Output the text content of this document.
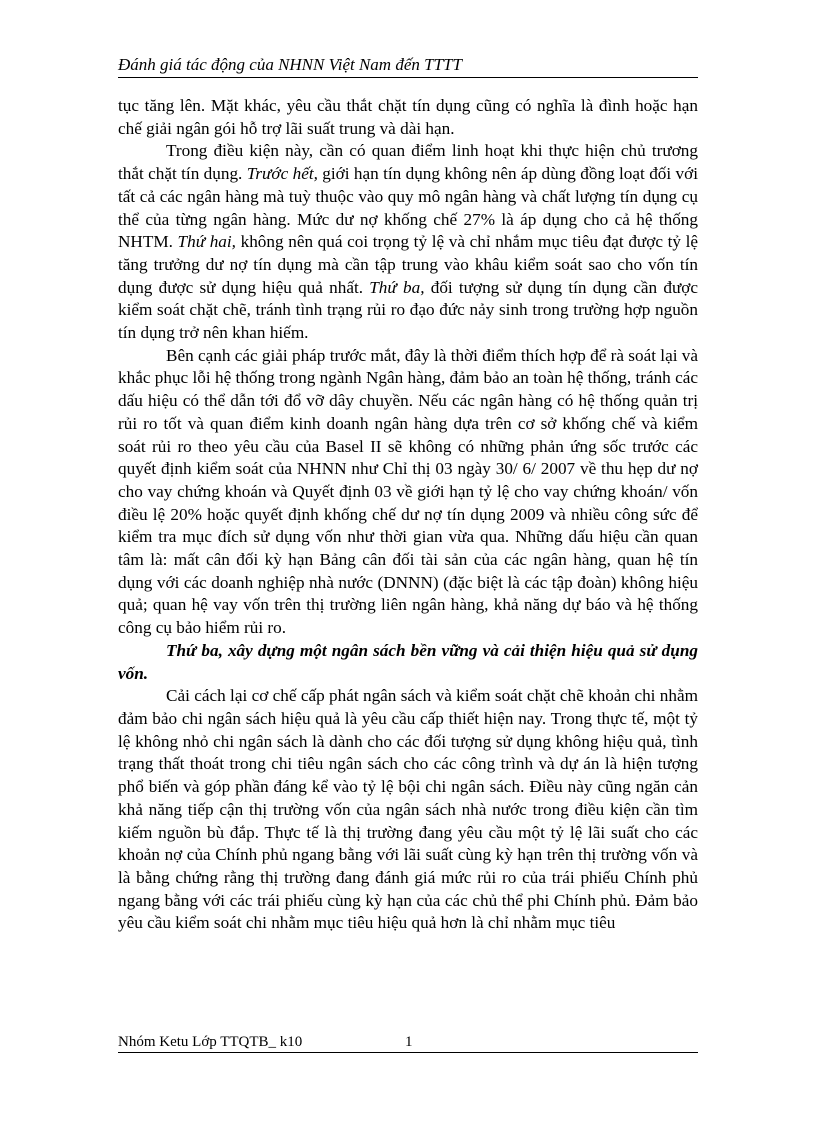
Đánh giá tác động của NHNN Việt Nam đến TTTT

tục tăng lên. Mặt khác, yêu cầu thắt chặt tín dụng cũng có nghĩa là đình hoặc hạn chế giải ngân gói hỗ trợ lãi suất trung và dài hạn.

Trong điều kiện này, cần có quan điểm linh hoạt khi thực hiện chủ trương thắt chặt tín dụng. Trước hết, giới hạn tín dụng không nên áp dùng đồng loạt đối với tất cả các ngân hàng mà tuỳ thuộc vào quy mô ngân hàng và chất lượng tín dụng cụ thể của từng ngân hàng. Mức dư nợ khống chế 27% là áp dụng cho cả hệ thống NHTM. Thứ hai, không nên quá coi trọng tỷ lệ và chỉ nhắm mục tiêu đạt được tỷ lệ tăng trưởng dư nợ tín dụng mà cần tập trung vào khâu kiểm soát sao cho vốn tín dụng được sử dụng hiệu quả nhất. Thứ ba, đối tượng sử dụng tín dụng cần được kiểm soát chặt chẽ, tránh tình trạng rủi ro đạo đức nảy sinh trong trường hợp nguồn tín dụng trở nên khan hiếm.

Bên cạnh các giải pháp trước mắt, đây là thời điểm thích hợp để rà soát lại và khắc phục lỗi hệ thống trong ngành Ngân hàng, đảm bảo an toàn hệ thống, tránh các dấu hiệu có thể dẫn tới đổ vỡ dây chuyền. Nếu các ngân hàng có hệ thống quản trị rủi ro tốt và quan điểm kinh doanh ngân hàng dựa trên cơ sở khống chế và kiểm soát rủi ro theo yêu cầu của Basel II sẽ không có những phản ứng sốc trước các quyết định kiểm soát của NHNN như Chỉ thị 03 ngày 30/ 6/ 2007 về thu hẹp dư nợ cho vay chứng khoán và Quyết định 03 về giới hạn tỷ lệ cho vay chứng khoán/ vốn điều lệ 20% hoặc quyết định khống chế dư nợ tín dụng 2009 và nhiều công sức để kiểm tra mục đích sử dụng vốn như thời gian vừa qua. Những dấu hiệu cần quan tâm là: mất cân đối kỳ hạn Bảng cân đối tài sản của các ngân hàng, quan hệ tín dụng với các doanh nghiệp nhà nước (DNNN) (đặc biệt là các tập đoàn) không hiệu quả; quan hệ vay vốn trên thị trường liên ngân hàng, khả năng dự báo và hệ thống công cụ bảo hiểm rủi ro.

Thứ ba, xây dựng một ngân sách bền vững và cải thiện hiệu quả sử dụng vốn.

Cải cách lại cơ chế cấp phát ngân sách và kiểm soát chặt chẽ khoản chi nhằm đảm bảo chi ngân sách hiệu quả là yêu cầu cấp thiết hiện nay. Trong thực tế, một tỷ lệ không nhỏ chi ngân sách là dành cho các đối tượng sử dụng không hiệu quả, tình trạng thất thoát trong chi tiêu ngân sách cho các công trình và dự án là hiện tượng phổ biến và góp phần đáng kể vào tỷ lệ bội chi ngân sách. Điều này cũng ngăn cản khả năng tiếp cận thị trường vốn của ngân sách nhà nước trong điều kiện cần tìm kiếm nguồn bù đắp. Thực tế là thị trường đang yêu cầu một tỷ lệ lãi suất cho các khoản nợ của Chính phủ ngang bằng với lãi suất cùng kỳ hạn trên thị trường vốn và là bằng chứng rằng thị trường đang đánh giá mức rủi ro của trái phiếu Chính phủ ngang bằng với các trái phiếu cùng kỳ hạn của các chủ thể phi Chính phủ. Đảm bảo yêu cầu kiểm soát chi nhằm mục tiêu hiệu quả hơn là chỉ nhằm mục tiêu

Nhóm Ketu Lớp TTQTB_ k10	1
